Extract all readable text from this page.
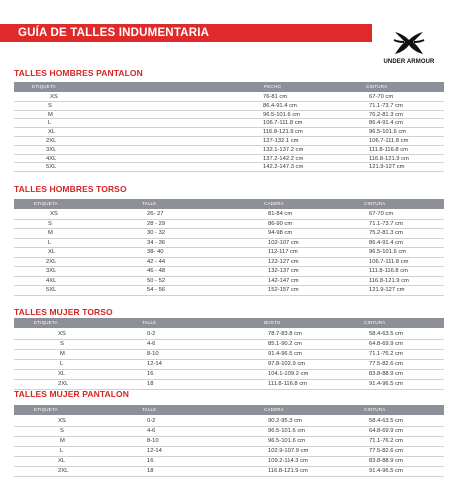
GUÍA DE TALLES INDUMENTARIA
UNDER ARMOUR
TALLES HOMBRES PANTALON
ETIQUETA	PECHO	CINTURA
XS	76-81 cm	67-70 cm
S	86.4-91.4 cm	71.1-73.7 cm
M	96.5-101.6 cm	76.2-81.3 cm
L	106.7-111.8 cm	86.4-91.4 cm
XL	116.8-121.9 cm	96.5-101.6 cm
2XL	127-132.1 cm	106.7-111.8 cm
3XL	132.1-137.2 cm	111.8-116.8 cm
4XL	137.2-142.2 cm	116.8-121.9 cm
5XL	142.2-147.3 cm	121.9-127 cm
TALLES HOMBRES TORSO
ETIQUETA	TALLE	CADERA	CINTURA
XS	26- 27	81-84 cm	67-70 cm
S	28 - 29	86-90 cm	71.1-73.7 cm
M	30 - 32	94-98 cm	75.2-81.3 cm
L	34 - 36	102-107 cm	86.4-91.4 cm
XL	38- 40	112-117 cm	96.5-101.6 cm
2XL	42 - 44	122-127 cm	106.7-111.8 cm
3XL	46 - 48	132-137 cm	111.8-116.8 cm
4XL	50 - 52	142-147 cm	116.8-121.9 cm
5XL	54 - 56	152-157 cm	121.9-127 cm
TALLES MUJER TORSO
ETIQUETA	TALLE	BUSTO	CINTURA
XS	0-2	78.7-83.8 cm	58.4-63.5 cm
S	4-6	85.1-90.2 cm	64.8-69.9 cm
M	8-10	91.4-96.5 cm	71.1-76.2 cm
L	12-14	97.8-102.9 cm	77.5-82.6 cm
XL	16	104.1-109.2 cm	83.8-88.9 cm
2XL	18	111.8-116.8 cm	91.4-96.5 cm
TALLES MUJER PANTALON
ETIQUETA	TALLE	CADERA	CINTURA
XS	0-2	90.2-95.3 cm	58.4-63.5 cm
S	4-6	96.5-101.6 cm	64.8-69.9 cm
M	8-10	96.5-101.6 cm	71.1-76.2 cm
L	12-14	102.9-107.9 cm	77.5-82.6 cm
XL	16	109.2-114.3 cm	83.8-88.9 cm
2XL	18	116.8-121.9 cm	91.4-96.5 cm
